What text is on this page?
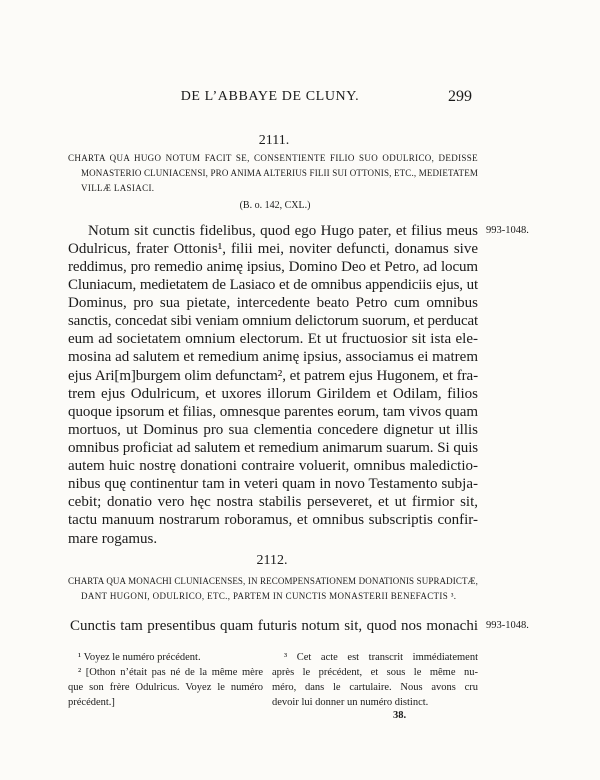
DE L’ABBAYE DE CLUNY.	299
2111.
CHARTA QUA HUGO NOTUM FACIT SE, CONSENTIENTE FILIO SUO ODULRICO, DEDISSE
MONASTERIO CLUNIACENSI, PRO ANIMA ALTERIUS FILII SUI OTTONIS, ETC., MEDIETATEM
VILLÆ LASIACI.
(B. o. 142, CXL.)
993-1048.
Notum sit cunctis fidelibus, quod ego Hugo pater, et filius meus
Odulricus, frater Ottonis¹, filii mei, noviter defuncti, donamus sive
reddimus, pro remedio animę ipsius, Domino Deo et Petro, ad locum
Cluniacum, medietatem de Lasiaco et de omnibus appendiciis ejus, ut
Dominus, pro sua pietate, intercedente beato Petro cum omnibus
sanctis, concedat sibi veniam omnium delictorum suorum, et perducat
eum ad societatem omnium electorum. Et ut fructuosior sit ista ele-
mosina ad salutem et remedium animę ipsius, associamus ei matrem
ejus Ari[m]burgem olim defunctam², et patrem ejus Hugonem, et fra-
trem ejus Odulricum, et uxores illorum Girildem et Odilam, filios
quoque ipsorum et filias, omnesque parentes eorum, tam vivos quam
mortuos, ut Dominus pro sua clementia concedere dignetur ut illis
omnibus proficiat ad salutem et remedium animarum suarum. Si quis
autem huic nostrę donationi contraire voluerit, omnibus maledictio-
nibus quę continentur tam in veteri quam in novo Testamento subja-
cebit; donatio vero hęc nostra stabilis perseveret, et ut firmior sit,
tactu manuum nostrarum roboramus, et omnibus subscriptis confir-
mare rogamus.
2112.
CHARTA QUA MONACHI CLUNIACENSES, IN RECOMPENSATIONEM DONATIONIS SUPRADICTÆ,
DANT HUGONI, ODULRICO, ETC., PARTEM IN CUNCTIS MONASTERII BENEFACTIS ³.
993-1048.
Cunctis tam presentibus quam futuris notum sit, quod nos monachi
¹ Voyez le numéro précédent.
² [Othon n’était pas né de la même mère
que son frère Odulricus. Voyez le numéro
précédent.]
³ Cet acte est transcrit immédiatement
après le précédent, et sous le même nu-
méro, dans le cartulaire. Nous avons cru
devoir lui donner un numéro distinct.
38.
